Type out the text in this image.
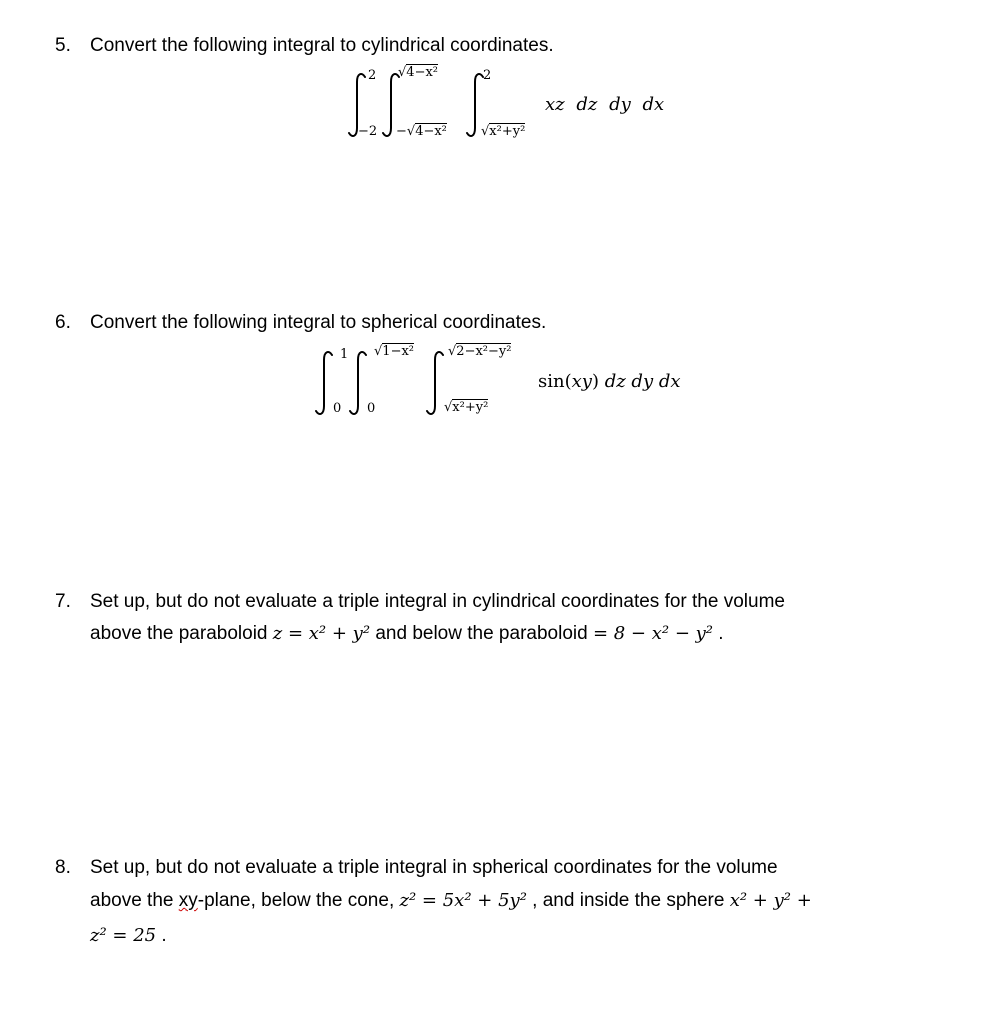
5. Convert the following integral to cylindrical coordinates.
2
−2
√4−x²
−√4−x²
2
√x²+y²
xz dz dy dx
6. Convert the following integral to spherical coordinates.
1
0
√1−x²
0
√2−x²−y²
√x²+y²
sin(xy) dz dy dx
7. Set up, but do not evaluate a triple integral in cylindrical coordinates for the volume
above the paraboloid z = x² + y² and below the paraboloid = 8 − x² − y² .
8. Set up, but do not evaluate a triple integral in spherical coordinates for the volume
above the xy-plane, below the cone, z² = 5x² + 5y² , and inside the sphere x² + y² +
z² = 25 .
